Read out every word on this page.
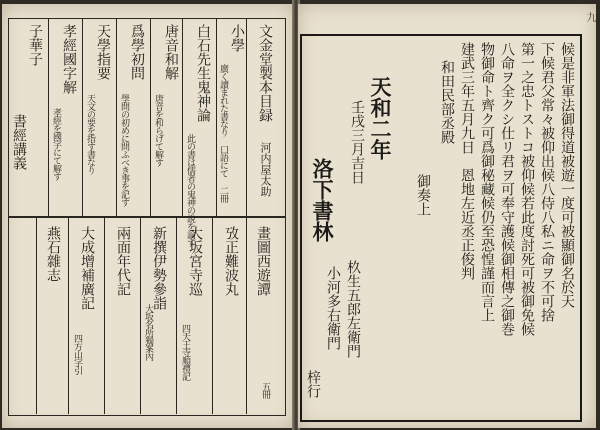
文金堂製本目録
河内屋太助
小學
廣く讀まれた書なり 口語にて 二冊
白石先生鬼神論
此の書は儒者の鬼神の說を論ず
唐音和解
唐音を和らげて解す
爲學初問
學問の初めに問ふべき事を記す
天學指要
天文の要を指す書なり
孝經國字解
孝經を國字にて解す
子華子
書經講義
畫圖西遊譚
五冊
攷正難波丸
大坂宮寺巡
四天王寺順禮記
新撰伊勢參詣
大坂名所獨案內
兩面年代記
大成增補廣記
四方山字引
燕石雜志
九
候是非軍法御得道被遊一度可被顯御名於天
下候君父常々被仰出候八侍八私ニ命ヲ不可捨
第一之忠トストコ被仰候若此度討死可被御免候
八命ヲ全クシ仕リ君ヲ可奉守護候御相傳之御巻
物御命ト齊ク可爲御秘藏候仍至恐惶謹而言上
建武三年五月九日　恩地左近丞正俊判
和田民部丞殿
御奏上
天和二年
壬戌三月吉日
洛下書林
杦生五郎左衛門
小河多右衛門
梓行
